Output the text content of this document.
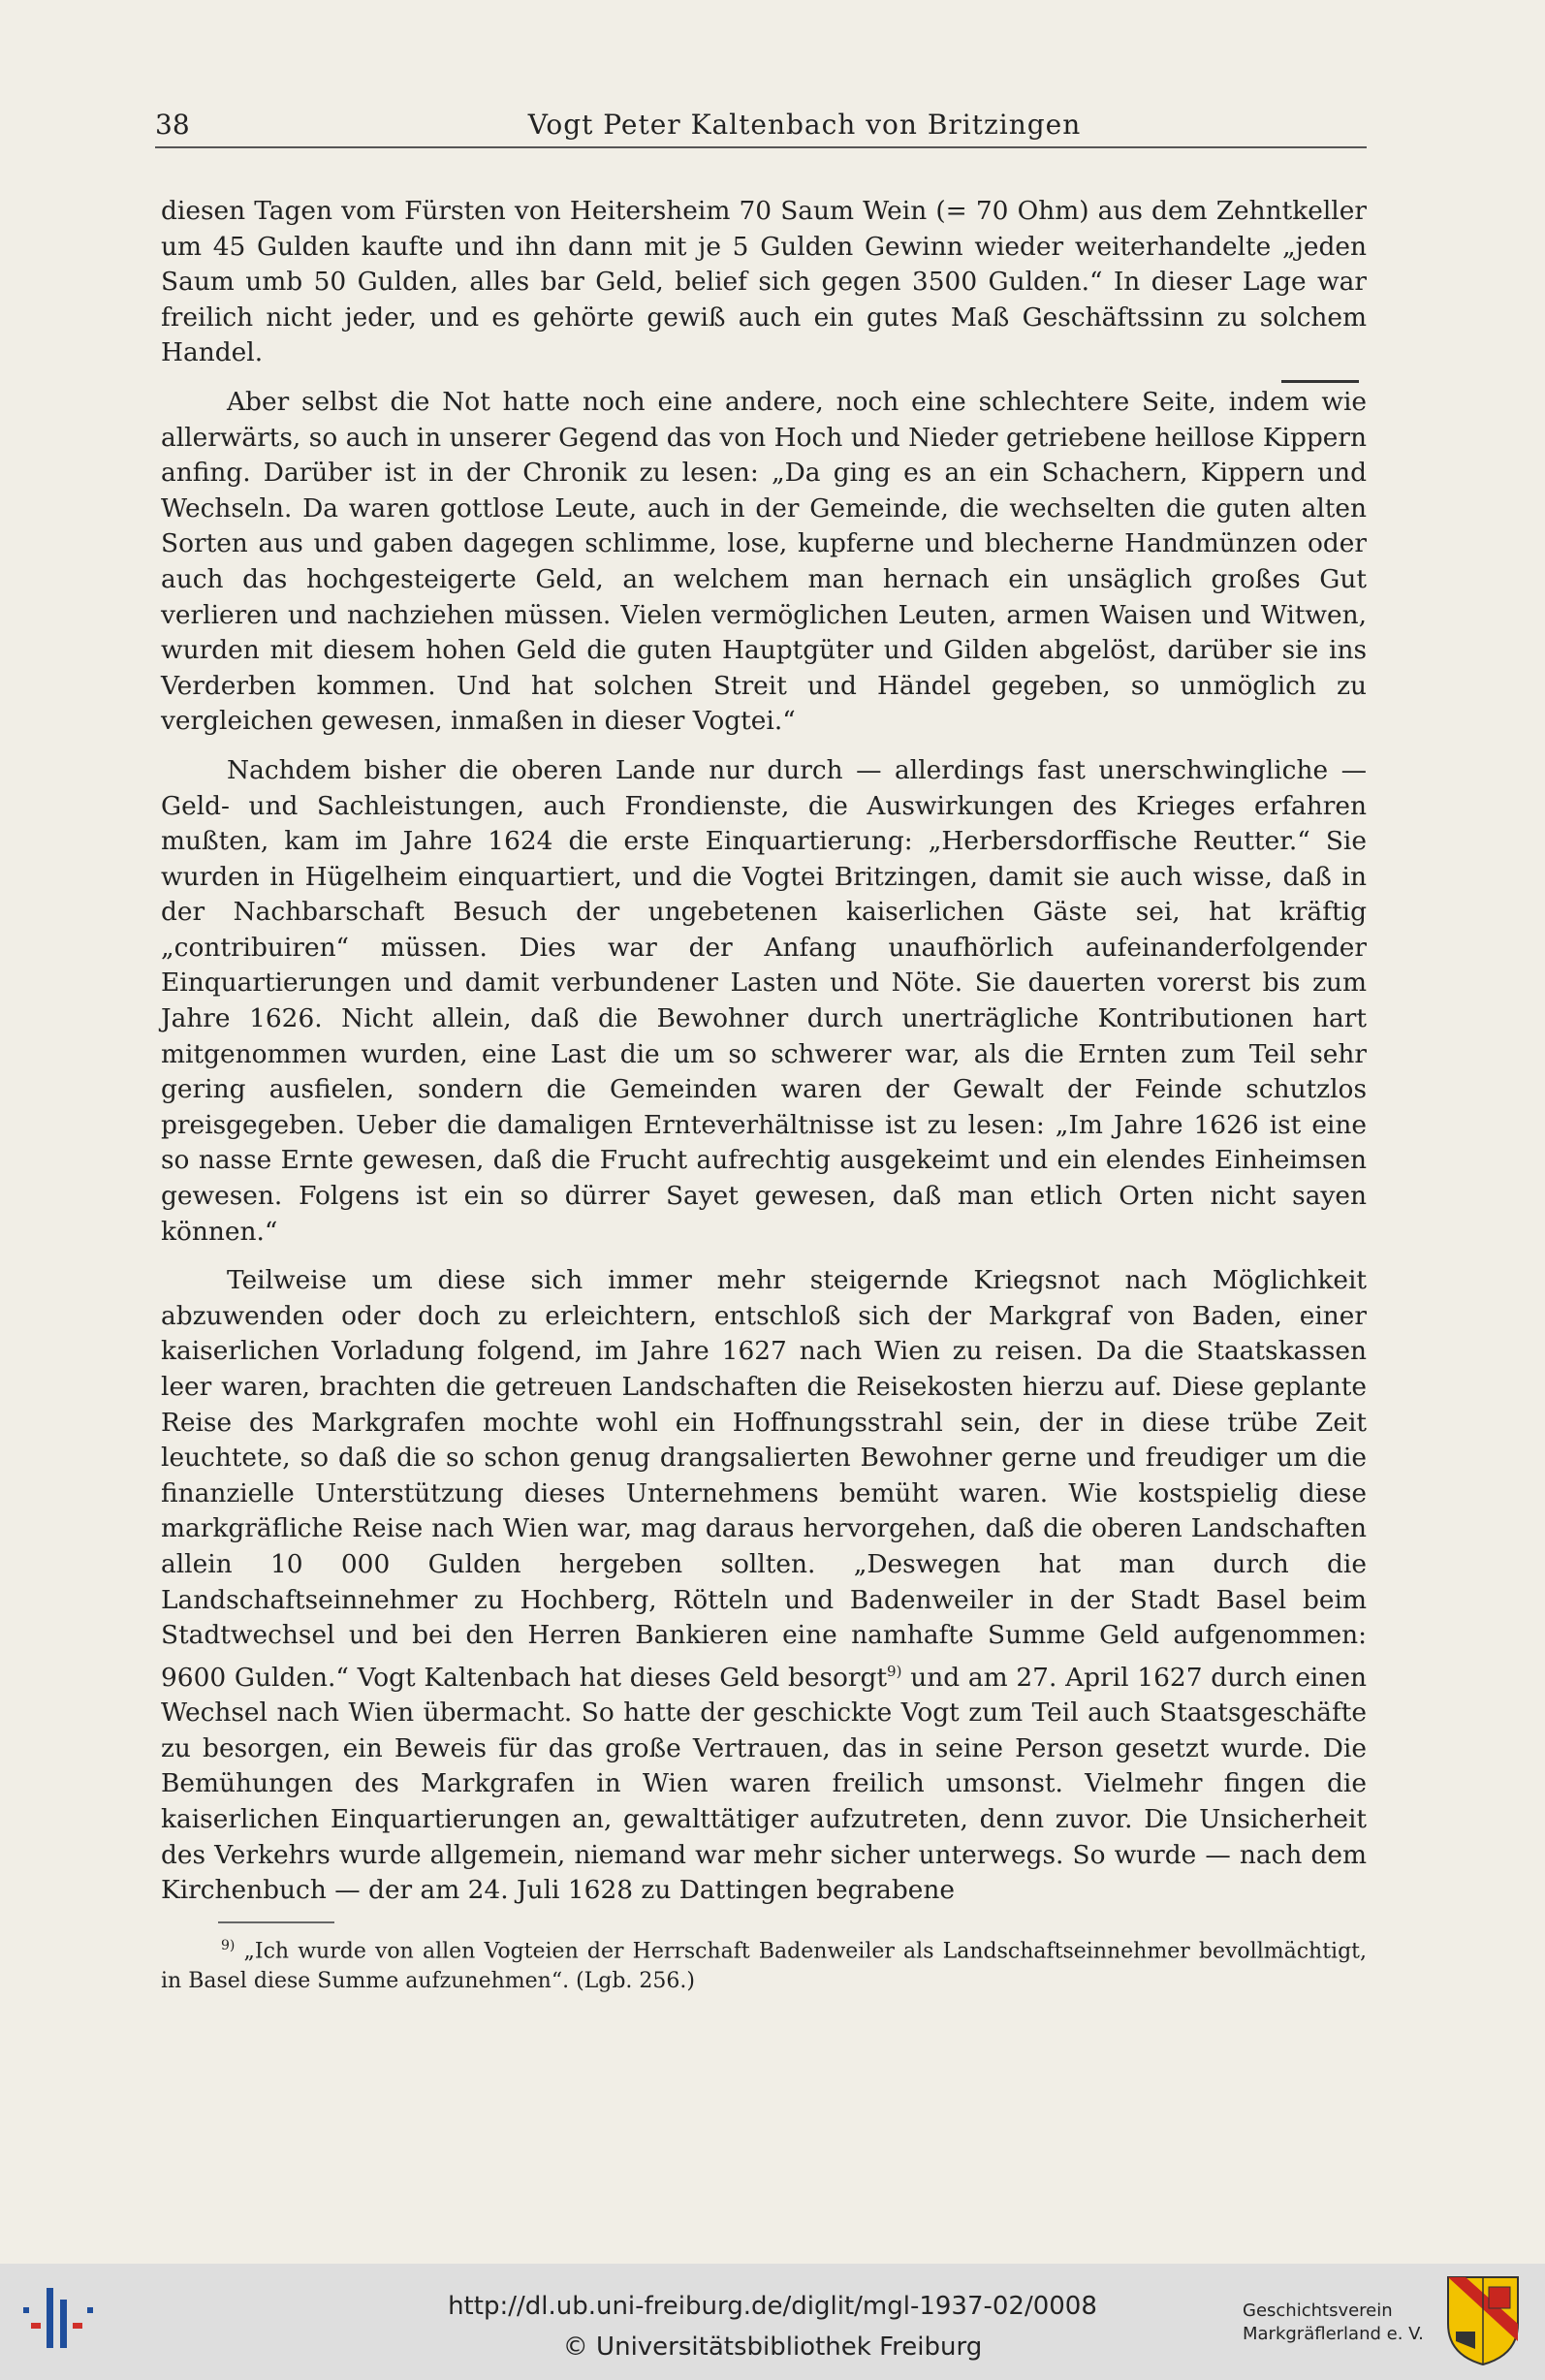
38	Vogt Peter Kaltenbach von Britzingen

diesen Tagen vom Fürsten von Heitersheim 70 Saum Wein (= 70 Ohm) aus dem Zehntkeller um 45 Gulden kaufte und ihn dann mit je 5 Gulden Gewinn wieder weiterhandelte „jeden Saum umb 50 Gulden, alles bar Geld, belief sich gegen 3500 Gulden.“ In dieser Lage war freilich nicht jeder, und es gehörte gewiß auch ein gutes Maß Geschäftssinn zu solchem Handel.

Aber selbst die Not hatte noch eine andere, noch eine schlechtere Seite, indem wie allerwärts, so auch in unserer Gegend das von Hoch und Nieder getriebene heillose Kippern anfing. Darüber ist in der Chronik zu lesen: „Da ging es an ein Schachern, Kippern und Wechseln. Da waren gottlose Leute, auch in der Gemeinde, die wechselten die guten alten Sorten aus und gaben dagegen schlimme, lose, kupferne und blecherne Handmünzen oder auch das hochgesteigerte Geld, an welchem man hernach ein unsäglich großes Gut verlieren und nachziehen müssen. Vielen vermöglichen Leuten, armen Waisen und Witwen, wurden mit diesem hohen Geld die guten Hauptgüter und Gilden abgelöst, darüber sie ins Verderben kommen. Und hat solchen Streit und Händel gegeben, so unmöglich zu vergleichen gewesen, inmaßen in dieser Vogtei.“

Nachdem bisher die oberen Lande nur durch — allerdings fast unerschwingliche — Geld- und Sachleistungen, auch Frondienste, die Auswirkungen des Krieges erfahren mußten, kam im Jahre 1624 die erste Einquartierung: „Herbersdorffische Reutter.“ Sie wurden in Hügelheim einquartiert, und die Vogtei Britzingen, damit sie auch wisse, daß in der Nachbarschaft Besuch der ungebetenen kaiserlichen Gäste sei, hat kräftig „contribuiren“ müssen. Dies war der Anfang unaufhörlich aufeinanderfolgender Einquartierungen und damit verbundener Lasten und Nöte. Sie dauerten vorerst bis zum Jahre 1626. Nicht allein, daß die Bewohner durch unerträgliche Kontributionen hart mitgenommen wurden, eine Last die um so schwerer war, als die Ernten zum Teil sehr gering ausfielen, sondern die Gemeinden waren der Gewalt der Feinde schutzlos preisgegeben. Ueber die damaligen Ernteverhältnisse ist zu lesen: „Im Jahre 1626 ist eine so nasse Ernte gewesen, daß die Frucht aufrechtig ausgekeimt und ein elendes Einheimsen gewesen. Folgens ist ein so dürrer Sayet gewesen, daß man etlich Orten nicht sayen können.“

Teilweise um diese sich immer mehr steigernde Kriegsnot nach Möglichkeit abzuwenden oder doch zu erleichtern, entschloß sich der Markgraf von Baden, einer kaiserlichen Vorladung folgend, im Jahre 1627 nach Wien zu reisen. Da die Staatskassen leer waren, brachten die getreuen Landschaften die Reisekosten hierzu auf. Diese geplante Reise des Markgrafen mochte wohl ein Hoffnungsstrahl sein, der in diese trübe Zeit leuchtete, so daß die so schon genug drangsalierten Bewohner gerne und freudiger um die finanzielle Unterstützung dieses Unternehmens bemüht waren. Wie kostspielig diese markgräfliche Reise nach Wien war, mag daraus hervorgehen, daß die oberen Landschaften allein 10 000 Gulden hergeben sollten. „Deswegen hat man durch die Landschaftseinnehmer zu Hochberg, Rötteln und Badenweiler in der Stadt Basel beim Stadtwechsel und bei den Herren Bankieren eine namhafte Summe Geld aufgenommen: 9600 Gulden.“ Vogt Kaltenbach hat dieses Geld besorgt$^{9)}$ und am 27. April 1627 durch einen Wechsel nach Wien übermacht. So hatte der geschickte Vogt zum Teil auch Staatsgeschäfte zu besorgen, ein Beweis für das große Vertrauen, das in seine Person gesetzt wurde. Die Bemühungen des Markgrafen in Wien waren freilich umsonst. Vielmehr fingen die kaiserlichen Einquartierungen an, gewalttätiger aufzutreten, denn zuvor. Die Unsicherheit des Verkehrs wurde allgemein, niemand war mehr sicher unterwegs. So wurde — nach dem Kirchenbuch — der am 24. Juli 1628 zu Dattingen begrabene

$^{9)}$ „Ich wurde von allen Vogteien der Herrschaft Badenweiler als Landschaftseinnehmer bevollmächtigt, in Basel diese Summe aufzunehmen“. (Lgb. 256.)

http://dl.ub.uni-freiburg.de/diglit/mgl-1937-02/0008
© Universitätsbibliothek Freiburg
Geschichtsverein
Markgräflerland e. V.
